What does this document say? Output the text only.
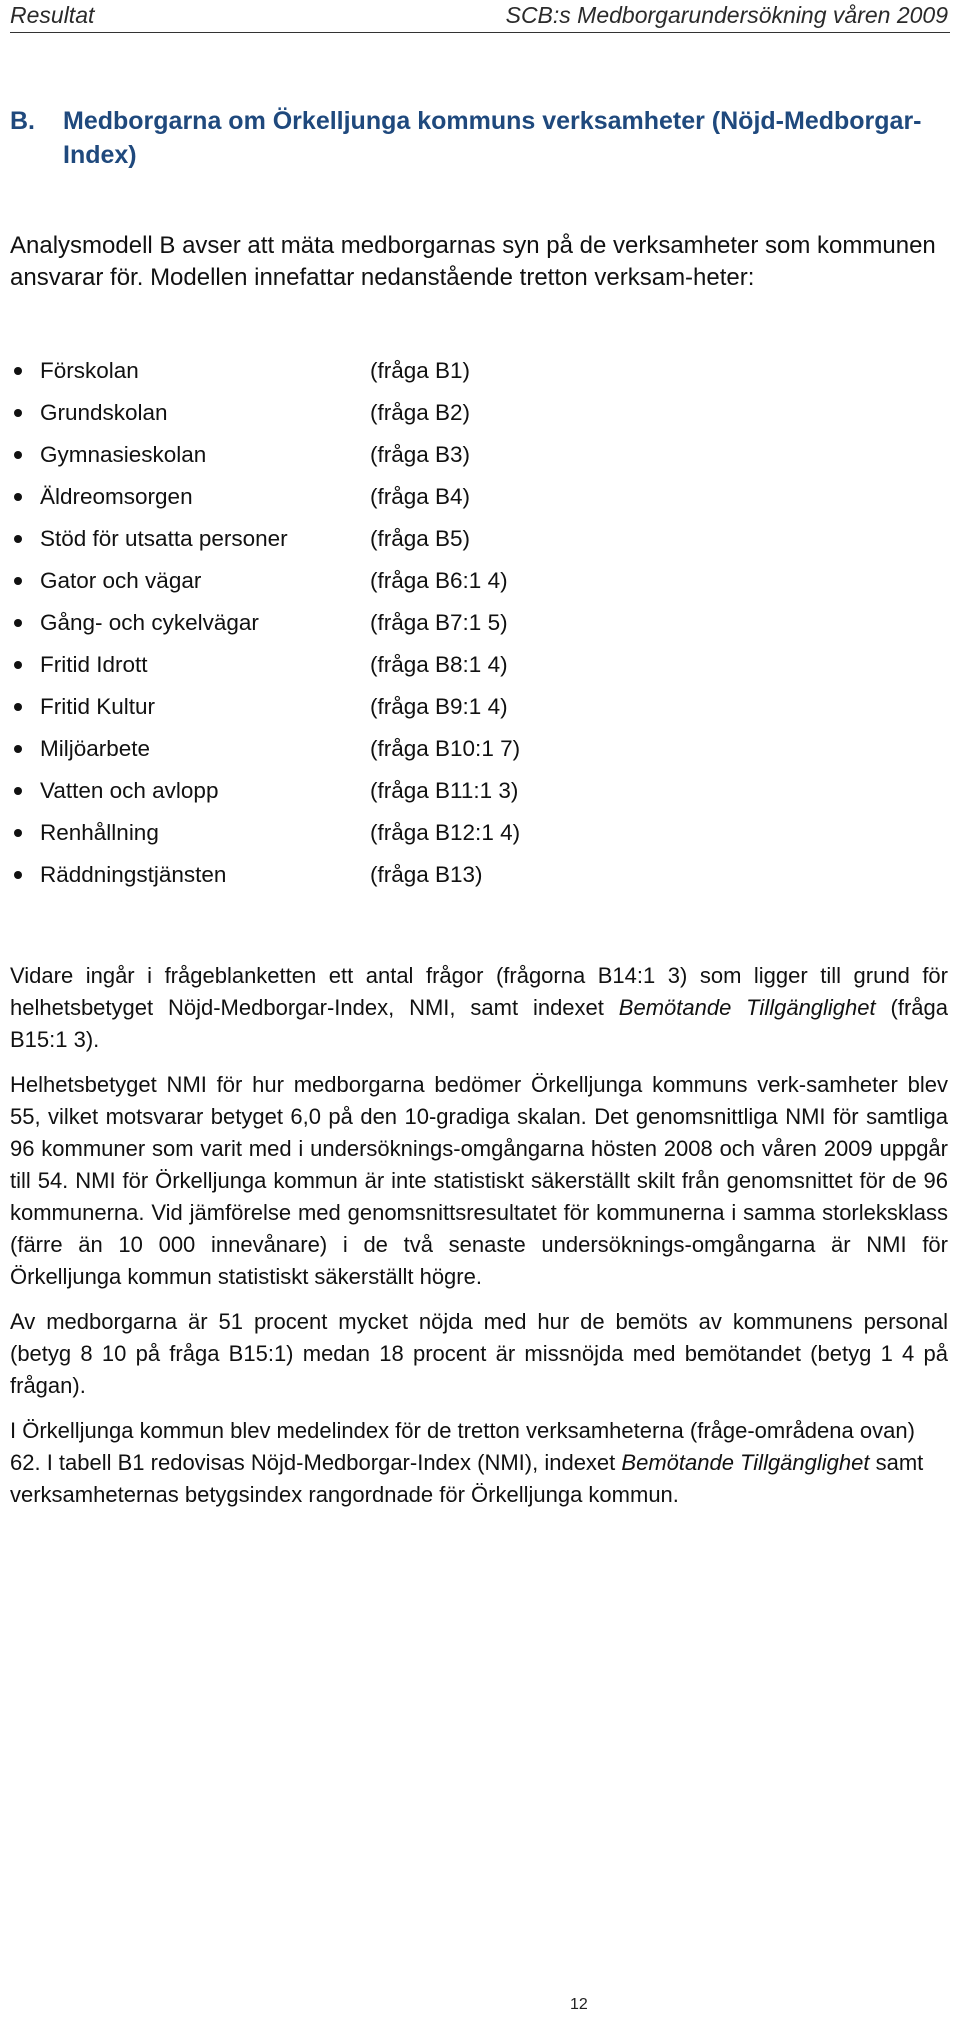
Resultat	SCB:s Medborgarundersökning våren 2009
B. Medborgarna om Örkelljunga kommuns verksamheter (Nöjd-Medborgar-Index)

Analysmodell B avser att mäta medborgarnas syn på de verksamheter som kommunen ansvarar för. Modellen innefattar nedanstående tretton verksam-heter:

Förskolan	(fråga B1)
Grundskolan	(fråga B2)
Gymnasieskolan	(fråga B3)
Äldreomsorgen	(fråga B4)
Stöd för utsatta personer	(fråga B5)
Gator och vägar	(fråga B6:1 4)
Gång- och cykelvägar	(fråga B7:1 5)
Fritid Idrott	(fråga B8:1 4)
Fritid Kultur	(fråga B9:1 4)
Miljöarbete	(fråga B10:1 7)
Vatten och avlopp	(fråga B11:1 3)
Renhållning	(fråga B12:1 4)
Räddningstjänsten	(fråga B13)

Vidare ingår i frågeblanketten ett antal frågor (frågorna B14:1 3) som ligger till grund för helhetsbetyget Nöjd-Medborgar-Index, NMI, samt indexet Bemötande Tillgänglighet (fråga B15:1 3).

Helhetsbetyget NMI för hur medborgarna bedömer Örkelljunga kommuns verk-samheter blev 55, vilket motsvarar betyget 6,0 på den 10-gradiga skalan. Det genomsnittliga NMI för samtliga 96 kommuner som varit med i undersöknings-omgångarna hösten 2008 och våren 2009 uppgår till 54. NMI för Örkelljunga kommun är inte statistiskt säkerställt skilt från genomsnittet för de 96 kommunerna. Vid jämförelse med genomsnittsresultatet för kommunerna i samma storleksklass (färre än 10 000 innevånare) i de två senaste undersöknings-omgångarna är NMI för Örkelljunga kommun statistiskt säkerställt högre.

Av medborgarna är 51 procent mycket nöjda med hur de bemöts av kommunens personal (betyg 8 10 på fråga B15:1) medan 18 procent är missnöjda med bemötandet (betyg 1 4 på frågan).

I Örkelljunga kommun blev medelindex för de tretton verksamheterna (fråge-områdena ovan) 62. I tabell B1 redovisas Nöjd-Medborgar-Index (NMI), indexet Bemötande Tillgänglighet samt verksamheternas betygsindex rangordnade för Örkelljunga kommun.

12
